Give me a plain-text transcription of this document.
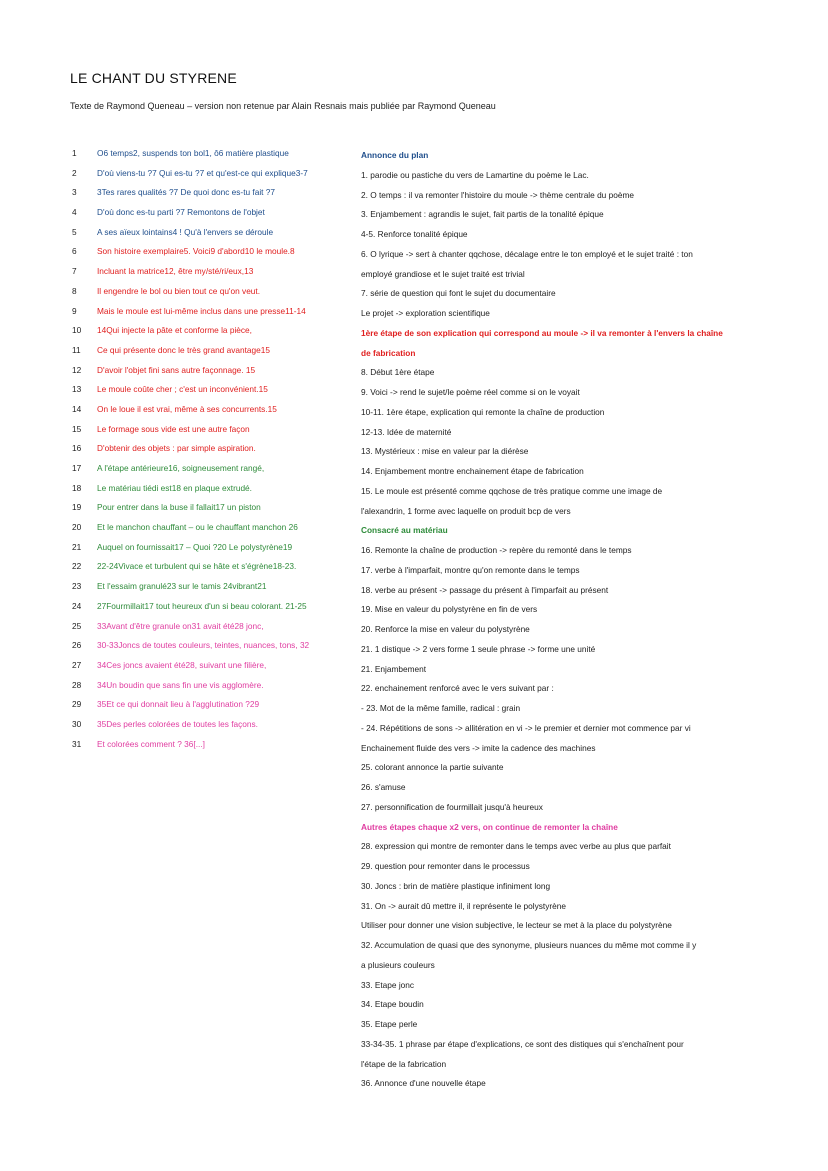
LE CHANT DU STYRENE
Texte de Raymond Queneau – version non retenue par Alain Resnais mais publiée par Raymond Queneau
1	O6 temps2, suspends ton bol1, ô6 matière plastique
2	D'où viens-tu ?7 Qui es-tu ?7 et qu'est-ce qui explique3-7
3	3Tes rares qualités ?7 De quoi donc es-tu fait ?7
4	D'où donc es-tu parti ?7 Remontons de l'objet
5	A ses aïeux lointains4 ! Qu'à l'envers se déroule
6	Son histoire exemplaire5. Voici9 d'abord10 le moule.8
7	Incluant la matrice12, être my/sté/ri/eux,13
8	Il engendre le bol ou bien tout ce qu'on veut.
9	Mais le moule est lui-même inclus dans une presse11-14
10	14Qui injecte la pâte et conforme la pièce,
11	Ce qui présente donc le très grand avantage15
12	D'avoir l'objet fini sans autre façonnage. 15
13	Le moule coûte cher ; c'est un inconvénient.15
14	On le loue il est vrai, même à ses concurrents.15
15	Le formage sous vide est une autre façon
16	D'obtenir des objets : par simple aspiration.
17	A l'étape antérieure16, soigneusement rangé,
18	Le matériau tiédi est18 en plaque extrudé.
19	Pour entrer dans la buse il fallait17 un piston
20	Et le manchon chauffant – ou le chauffant manchon 26
21	Auquel on fournissait17 – Quoi ?20 Le polystyrène19
22	22-24Vivace et turbulent qui se hâte et s'égrène18-23.
23	Et l'essaim granulé23 sur le tamis 24vibrant21
24	27Fourmillait17 tout heureux d'un si beau colorant. 21-25
25	33Avant d'être granule on31 avait été28 jonc,
26	30-33Joncs de toutes couleurs, teintes, nuances, tons, 32
27	34Ces joncs avaient été28, suivant une filière,
28	34Un boudin que sans fin une vis agglomère.
29	35Et ce qui donnait lieu à l'agglutination ?29
30	35Des perles colorées de toutes les façons.
31	Et colorées comment ? 36[...]
Annonce du plan
1. parodie ou pastiche du vers de Lamartine du poème le Lac.
2. O temps : il va remonter l'histoire du moule -> thème centrale du poème
3. Enjambement : agrandis le sujet, fait partis de la tonalité épique
4-5. Renforce tonalité épique
6. O lyrique -> sert à chanter qqchose, décalage entre le ton employé et le sujet traité : ton
employé grandiose et le sujet traité est trivial
7. série de question qui font le sujet du documentaire
Le projet -> exploration scientifique
1ère étape de son explication qui correspond au moule -> il va remonter à l'envers la chaîne
de fabrication
8. Début 1ère étape
9. Voici -> rend le sujet/le poème réel comme si on le voyait
10-11. 1ère étape, explication qui remonte la chaîne de production
12-13. Idée de maternité
13. Mystérieux : mise en valeur par la diérèse
14. Enjambement montre enchainement étape de fabrication
15. Le moule est présenté comme qqchose de très pratique comme une image de
l'alexandrin, 1 forme avec laquelle on produit bcp de vers
Consacré au matériau
16. Remonte la chaîne de production -> repère du remonté dans le temps
17. verbe à l'imparfait, montre qu'on remonte dans le temps
18. verbe au présent -> passage du présent à l'imparfait au présent
19. Mise en valeur du polystyrène en fin de vers
20. Renforce la mise en valeur du polystyrène
21. 1 distique -> 2 vers forme 1 seule phrase -> forme une unité
21. Enjambement
22. enchainement renforcé avec le vers suivant par :
- 23. Mot de la même famille, radical : grain
- 24. Répétitions de sons -> allitération en vi -> le premier et dernier mot commence par vi
Enchainement fluide des vers -> imite la cadence des machines
25. colorant annonce la partie suivante
26. s'amuse
27. personnification de fourmillait jusqu'à heureux
Autres étapes chaque x2 vers, on continue de remonter la chaîne
28. expression qui montre de remonter dans le temps avec verbe au plus que parfait
29. question pour remonter dans le processus
30. Joncs : brin de matière plastique infiniment long
31. On -> aurait dû mettre il, il représente le polystyrène
Utiliser pour donner une vision subjective, le lecteur se met à la place du polystyrène
32. Accumulation de quasi que des synonyme, plusieurs nuances du même mot comme il y
a plusieurs couleurs
33. Etape jonc
34. Etape boudin
35. Etape perle
33-34-35. 1 phrase par étape d'explications, ce sont des distiques qui s'enchaînent pour
l'étape de la fabrication
36. Annonce d'une nouvelle étape
